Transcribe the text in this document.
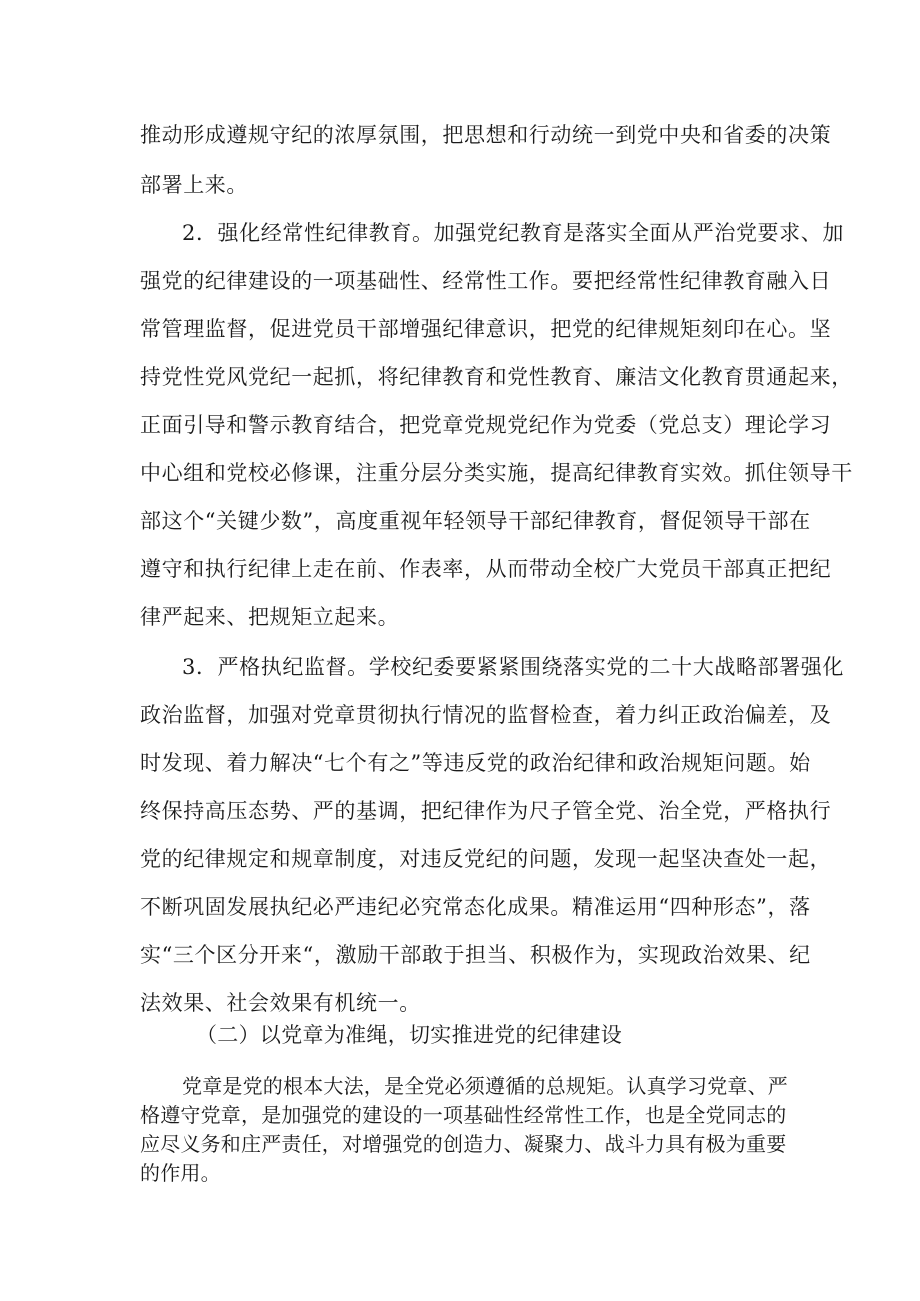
推动形成遵规守纪的浓厚氛围，把思想和行动统一到党中央和省委的决策
部署上来。
2．强化经常性纪律教育。加强党纪教育是落实全面从严治党要求、加
强党的纪律建设的一项基础性、经常性工作。要把经常性纪律教育融入日
常管理监督，促进党员干部增强纪律意识，把党的纪律规矩刻印在心。坚
持党性党风党纪一起抓，将纪律教育和党性教育、廉洁文化教育贯通起来，
正面引导和警示教育结合，把党章党规党纪作为党委（党总支）理论学习
中心组和党校必修课，注重分层分类实施，提高纪律教育实效。抓住领导干
部这个“关键少数”，高度重视年轻领导干部纪律教育，督促领导干部在
遵守和执行纪律上走在前、作表率，从而带动全校广大党员干部真正把纪
律严起来、把规矩立起来。
3．严格执纪监督。学校纪委要紧紧围绕落实党的二十大战略部署强化
政治监督，加强对党章贯彻执行情况的监督检查，着力纠正政治偏差，及
时发现、着力解决“七个有之”等违反党的政治纪律和政治规矩问题。始
终保持高压态势、严的基调，把纪律作为尺子管全党、治全党，严格执行
党的纪律规定和规章制度，对违反党纪的问题，发现一起坚决查处一起，
不断巩固发展执纪必严违纪必究常态化成果。精准运用“四种形态”，落
实“三个区分开来“，激励干部敢于担当、积极作为，实现政治效果、纪
法效果、社会效果有机统一。
（二）以党章为准绳，切实推进党的纪律建设
党章是党的根本大法，是全党必须遵循的总规矩。认真学习党章、严
格遵守党章，是加强党的建设的一项基础性经常性工作，也是全党同志的
应尽义务和庄严责任，对增强党的创造力、凝聚力、战斗力具有极为重要
的作用。
